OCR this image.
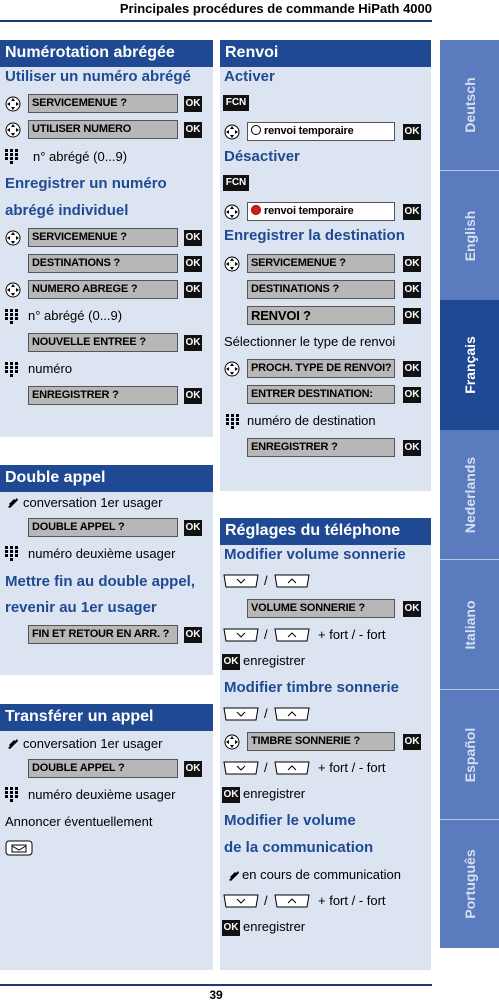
Principales procédures de commande HiPath 4000
Numérotation abrégée
Utiliser un numéro abrégé
SERVICEMENUE ?	OK
UTILISER NUMERO	OK
n° abrégé (0...9)
Enregistrer un numéro
abrégé individuel
SERVICEMENUE ?	OK
DESTINATIONS ?	OK
NUMERO ABREGE ?	OK
n° abrégé (0...9)
NOUVELLE ENTREE ?	OK
numéro
ENREGISTRER ?	OK
Double appel
conversation 1er usager
DOUBLE APPEL ?	OK
numéro deuxième usager
Mettre fin au double appel,
revenir au 1er usager
FIN ET RETOUR EN ARR. ?	OK
Transférer un appel
conversation 1er usager
DOUBLE APPEL ?	OK
numéro deuxième usager
Annoncer éventuellement
Renvoi
Activer
FCN
renvoi temporaire	OK
Désactiver
FCN
renvoi temporaire	OK
Enregistrer la destination
SERVICEMENUE ?	OK
DESTINATIONS ?	OK
RENVOI ?	OK
Sélectionner le type de renvoi
PROCH. TYPE DE RENVOI?	OK
ENTRER DESTINATION:	OK
numéro de destination
ENREGISTRER ?	OK
Réglages du téléphone
Modifier volume sonnerie
/
VOLUME SONNERIE ?	OK
/	+ fort / - fort
OK enregistrer
Modifier timbre sonnerie
/
TIMBRE SONNERIE ?	OK
/	+ fort / - fort
OK enregistrer
Modifier le volume
de la communication
en cours de communication
/	+ fort / - fort
OK enregistrer
Deutsch
English
Français
Nederlands
Italiano
Español
Português
39
